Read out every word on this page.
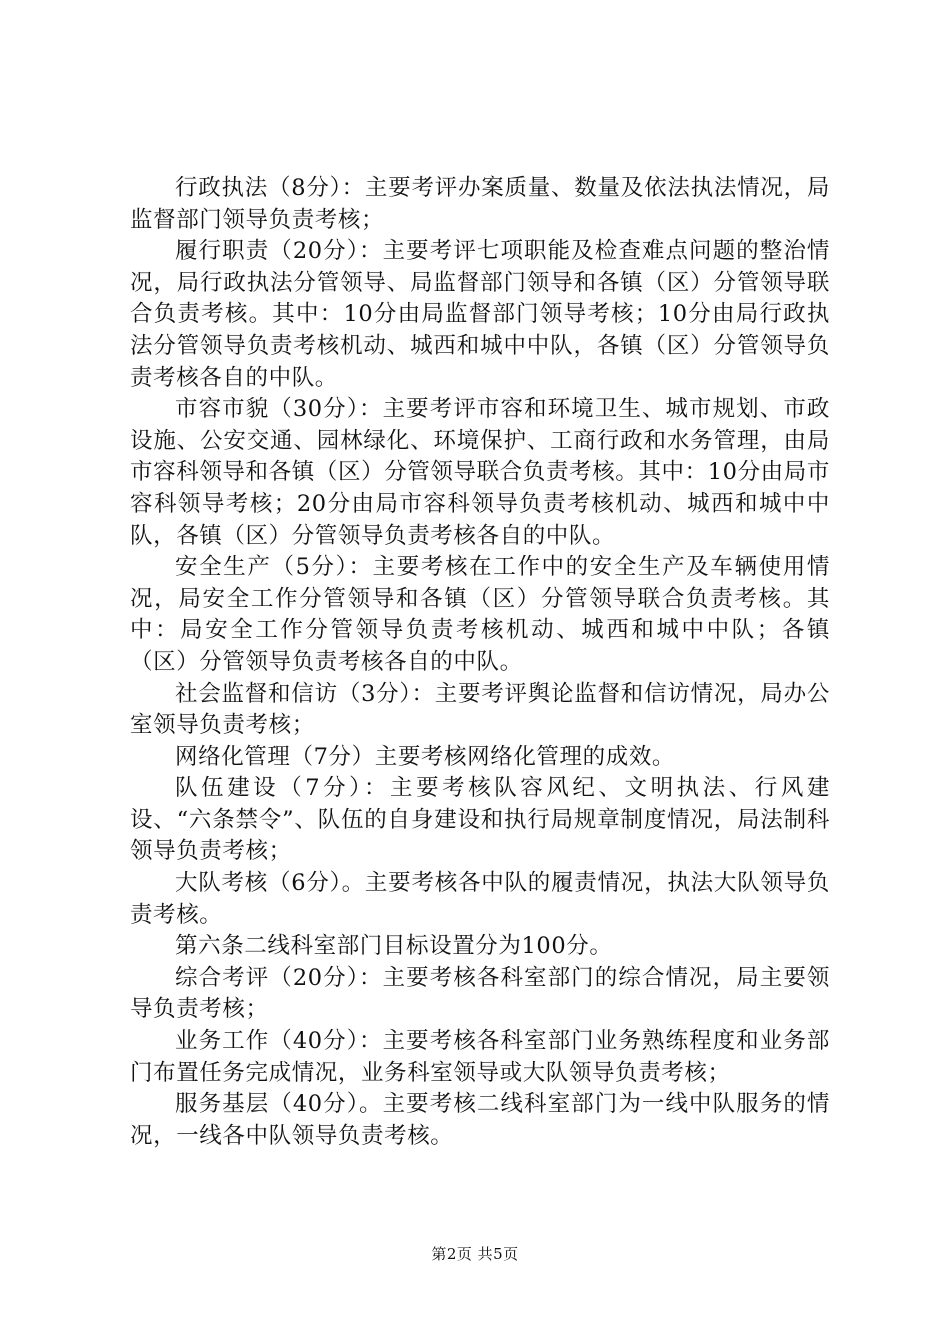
行政执法（8分）：主要考评办案质量、数量及依法执法情况，局监督部门领导负责考核；

履行职责（20分）：主要考评七项职能及检查难点问题的整治情况，局行政执法分管领导、局监督部门领导和各镇（区）分管领导联合负责考核。其中：10分由局监督部门领导考核；10分由局行政执法分管领导负责考核机动、城西和城中中队，各镇（区）分管领导负责考核各自的中队。

市容市貌（30分）：主要考评市容和环境卫生、城市规划、市政设施、公安交通、园林绿化、环境保护、工商行政和水务管理，由局市容科领导和各镇（区）分管领导联合负责考核。其中：10分由局市容科领导考核；20分由局市容科领导负责考核机动、城西和城中中队，各镇（区）分管领导负责考核各自的中队。

安全生产（5分）：主要考核在工作中的安全生产及车辆使用情况，局安全工作分管领导和各镇（区）分管领导联合负责考核。其中：局安全工作分管领导负责考核机动、城西和城中中队；各镇（区）分管领导负责考核各自的中队。

社会监督和信访（3分）：主要考评舆论监督和信访情况，局办公室领导负责考核；

网络化管理（7分）主要考核网络化管理的成效。

队伍建设（7分）：主要考核队容风纪、文明执法、行风建设、“六条禁令”、队伍的自身建设和执行局规章制度情况，局法制科领导负责考核；

大队考核（6分）。主要考核各中队的履责情况，执法大队领导负责考核。

第六条二线科室部门目标设置分为100分。

综合考评（20分）：主要考核各科室部门的综合情况，局主要领导负责考核；

业务工作（40分）：主要考核各科室部门业务熟练程度和业务部门布置任务完成情况，业务科室领导或大队领导负责考核；

服务基层（40分）。主要考核二线科室部门为一线中队服务的情况，一线各中队领导负责考核。

第2页 共5页
